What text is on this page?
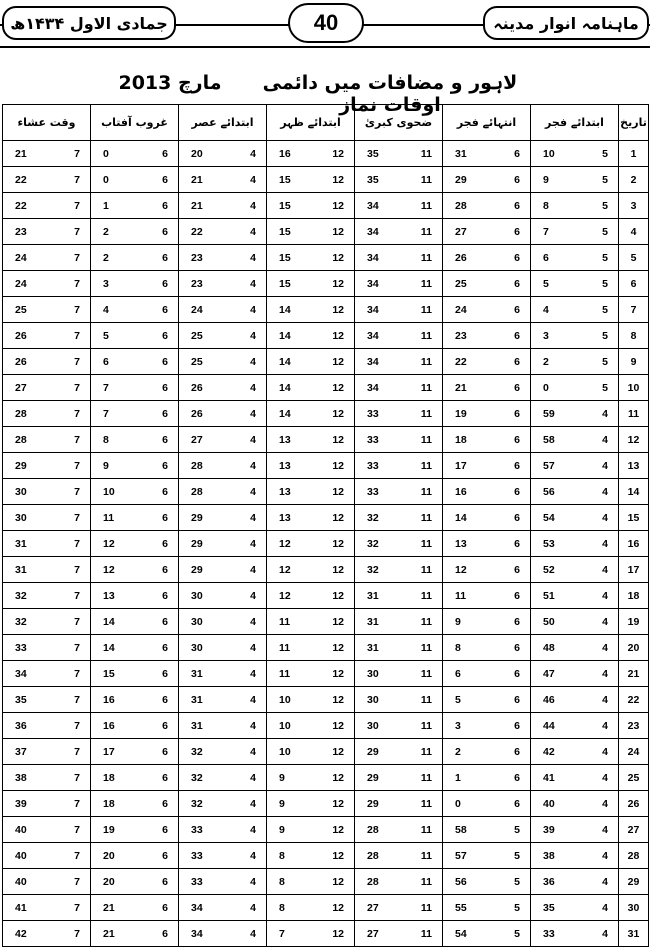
جمادی الاول ۱۴۳۴ھ	40	ماہنامہ انوار مدینہ
مارچ 2013	لاہور و مضافات میں دائمی اوقات نماز
وقت عشاء	غروب آفتاب	ابتدائے عصر	ابتدائے ظہر	ضحوی کبریٰ	انتہائے فجر	ابتدائے فجر	تاریخ

21 7	0 6	20 4	16 12	35 11	31 6	10 5	1

22 7	0 6	21 4	15 12	35 11	29 6	9 5	2

22 7	1 6	21 4	15 12	34 11	28 6	8 5	3

23 7	2 6	22 4	15 12	34 11	27 6	7 5	4

24 7	2 6	23 4	15 12	34 11	26 6	6 5	5

24 7	3 6	23 4	15 12	34 11	25 6	5 5	6

25 7	4 6	24 4	14 12	34 11	24 6	4 5	7

26 7	5 6	25 4	14 12	34 11	23 6	3 5	8

26 7	6 6	25 4	14 12	34 11	22 6	2 5	9

27 7	7 6	26 4	14 12	34 11	21 6	0 5	10

28 7	7 6	26 4	14 12	33 11	19 6	59 4	11

28 7	8 6	27 4	13 12	33 11	18 6	58 4	12

29 7	9 6	28 4	13 12	33 11	17 6	57 4	13

30 7	10 6	28 4	13 12	33 11	16 6	56 4	14

30 7	11 6	29 4	13 12	32 11	14 6	54 4	15

31 7	12 6	29 4	12 12	32 11	13 6	53 4	16

31 7	12 6	29 4	12 12	32 11	12 6	52 4	17

32 7	13 6	30 4	12 12	31 11	11 6	51 4	18

32 7	14 6	30 4	11 12	31 11	9 6	50 4	19

33 7	14 6	30 4	11 12	31 11	8 6	48 4	20

34 7	15 6	31 4	11 12	30 11	6 6	47 4	21

35 7	16 6	31 4	10 12	30 11	5 6	46 4	22

36 7	16 6	31 4	10 12	30 11	3 6	44 4	23

37 7	17 6	32 4	10 12	29 11	2 6	42 4	24

38 7	18 6	32 4	9 12	29 11	1 6	41 4	25

39 7	18 6	32 4	9 12	29 11	0 6	40 4	26

40 7	19 6	33 4	9 12	28 11	58 5	39 4	27

40 7	20 6	33 4	8 12	28 11	57 5	38 4	28

40 7	20 6	33 4	8 12	28 11	56 5	36 4	29

41 7	21 6	34 4	8 12	27 11	55 5	35 4	30

42 7	21 6	34 4	7 12	27 11	54 5	33 4	31
